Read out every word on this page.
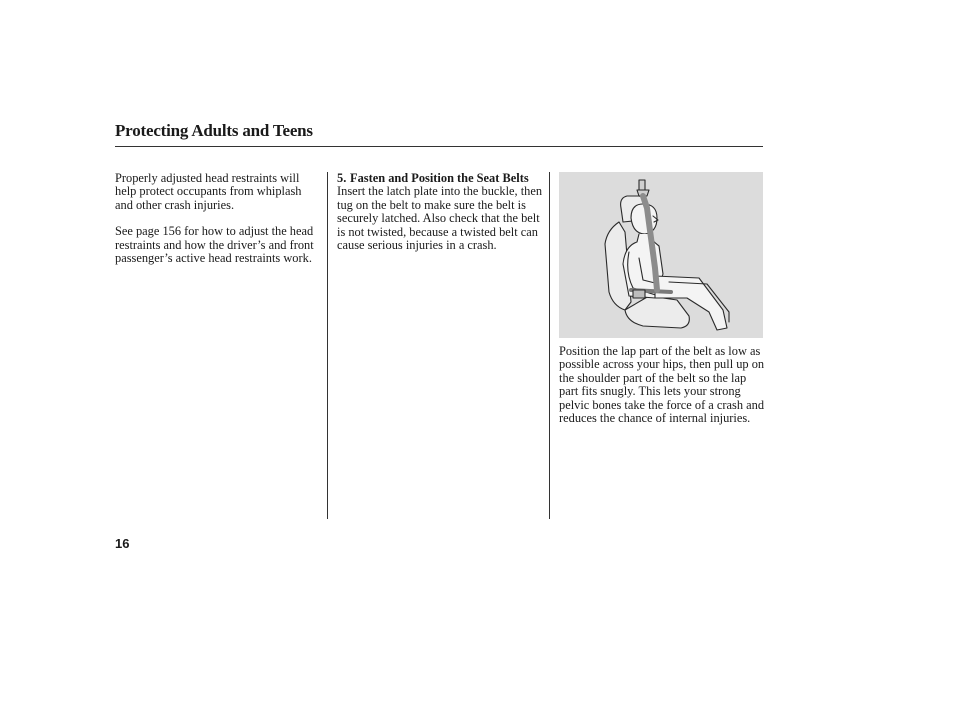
Protecting Adults and Teens

Properly adjusted head restraints will help protect occupants from whiplash and other crash injuries.

See page 156 for how to adjust the head restraints and how the driver’s and front passenger’s active head restraints work.

5. Fasten and Position the Seat Belts

Insert the latch plate into the buckle, then tug on the belt to make sure the belt is securely latched. Also check that the belt is not twisted, because a twisted belt can cause serious injuries in a crash.

Position the lap part of the belt as low as possible across your hips, then pull up on the shoulder part of the belt so the lap part fits snugly. This lets your strong pelvic bones take the force of a crash and reduces the chance of internal injuries.

16
